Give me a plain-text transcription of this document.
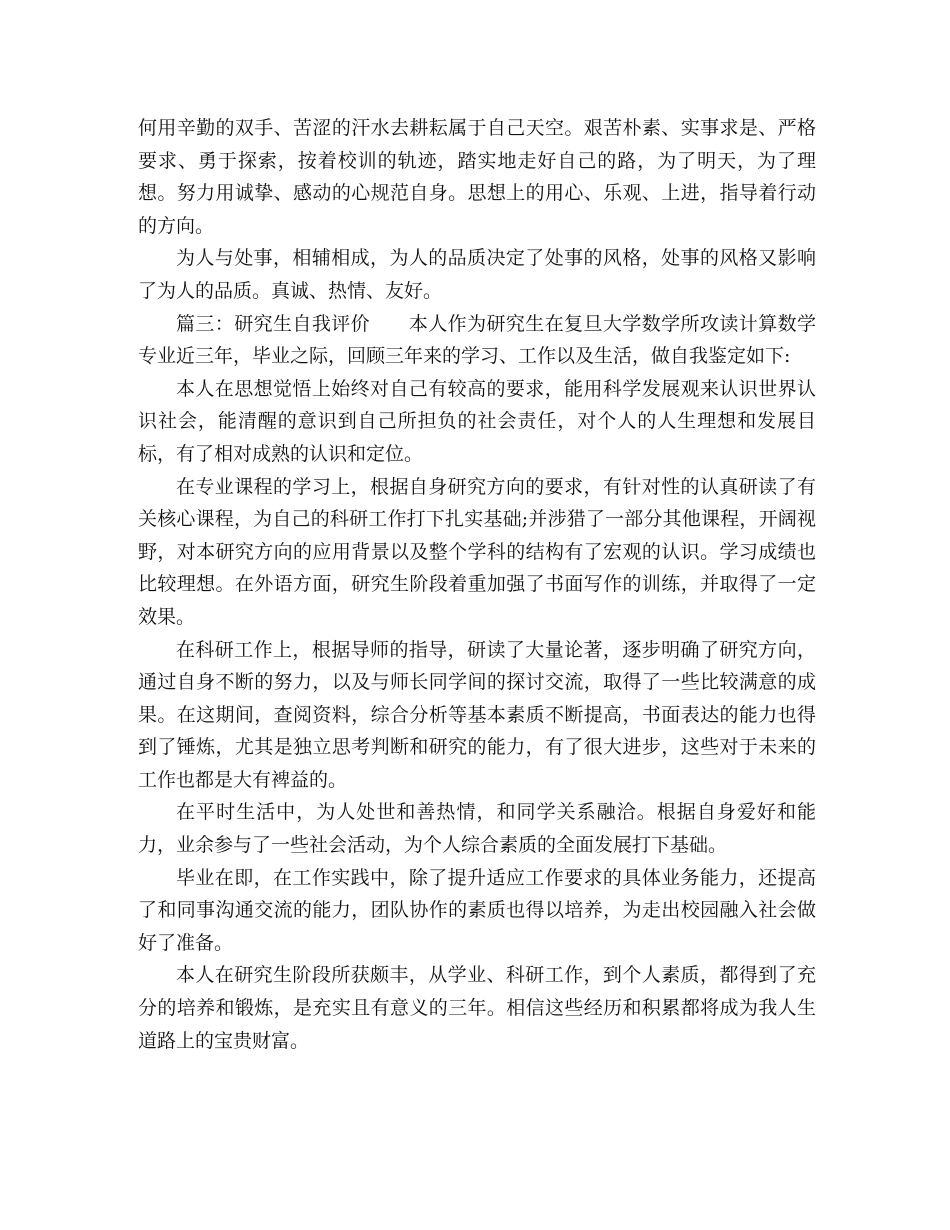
何用辛勤的双手、苦涩的汗水去耕耘属于自己天空。艰苦朴素、实事求是、严格要求、勇于探索，按着校训的轨迹，踏实地走好自己的路，为了明天，为了理想。努力用诚挚、感动的心规范自身。思想上的用心、乐观、上进，指导着行动的方向。

为人与处事，相辅相成，为人的品质决定了处事的风格，处事的风格又影响了为人的品质。真诚、热情、友好。

篇三：研究生自我评价　　本人作为研究生在复旦大学数学所攻读计算数学专业近三年，毕业之际，回顾三年来的学习、工作以及生活，做自我鉴定如下:

本人在思想觉悟上始终对自己有较高的要求，能用科学发展观来认识世界认识社会，能清醒的意识到自己所担负的社会责任，对个人的人生理想和发展目标，有了相对成熟的认识和定位。

在专业课程的学习上，根据自身研究方向的要求，有针对性的认真研读了有关核心课程，为自己的科研工作打下扎实基础;并涉猎了一部分其他课程，开阔视野，对本研究方向的应用背景以及整个学科的结构有了宏观的认识。学习成绩也比较理想。在外语方面，研究生阶段着重加强了书面写作的训练，并取得了一定效果。

在科研工作上，根据导师的指导，研读了大量论著，逐步明确了研究方向，通过自身不断的努力，以及与师长同学间的探讨交流，取得了一些比较满意的成果。在这期间，查阅资料，综合分析等基本素质不断提高，书面表达的能力也得到了锤炼，尤其是独立思考判断和研究的能力，有了很大进步，这些对于未来的工作也都是大有裨益的。

在平时生活中，为人处世和善热情，和同学关系融洽。根据自身爱好和能力，业余参与了一些社会活动，为个人综合素质的全面发展打下基础。

毕业在即，在工作实践中，除了提升适应工作要求的具体业务能力，还提高了和同事沟通交流的能力，团队协作的素质也得以培养，为走出校园融入社会做好了准备。

本人在研究生阶段所获颇丰，从学业、科研工作，到个人素质，都得到了充分的培养和锻炼，是充实且有意义的三年。相信这些经历和积累都将成为我人生道路上的宝贵财富。
